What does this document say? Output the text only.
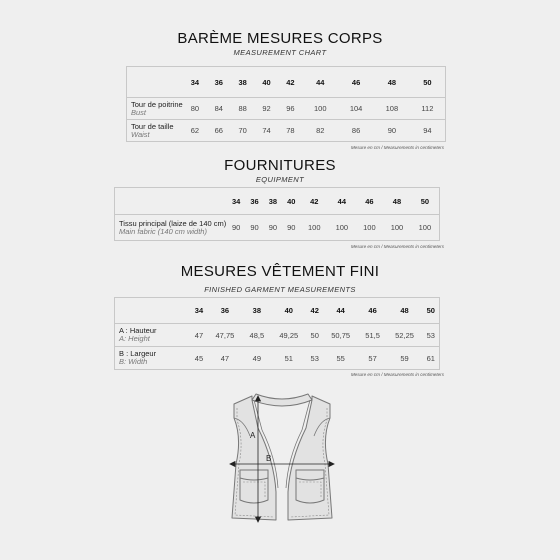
BARÈME MESURES CORPS
MEASUREMENT CHART
	34	36	38	40	42	44	46	48	50

Tour de poitrine
Bust	80	84	88	92	96	100	104	108	112

Tour de taille
Waist	62	66	70	74	78	82	86	90	94
Mesure en cm / Measurements in centimeters
FOURNITURES
EQUIPMENT
	34	36	38	40	42	44	46	48	50

Tissu principal (laize de 140 cm)
Main fabric (140 cm width)	90	90	90	90	100	100	100	100	100
Mesure en cm / Measurements in centimeters
MESURES VÊTEMENT FINI
FINISHED GARMENT MEASUREMENTS
	34	36	38	40	42	44	46	48	50

A : Hauteur
A: Height	47	47,75	48,5	49,25	50	50,75	51,5	52,25	53

B : Largeur
B: Width	45	47	49	51	53	55	57	59	61
Mesure en cm / Measurements in centimeters
A
B
